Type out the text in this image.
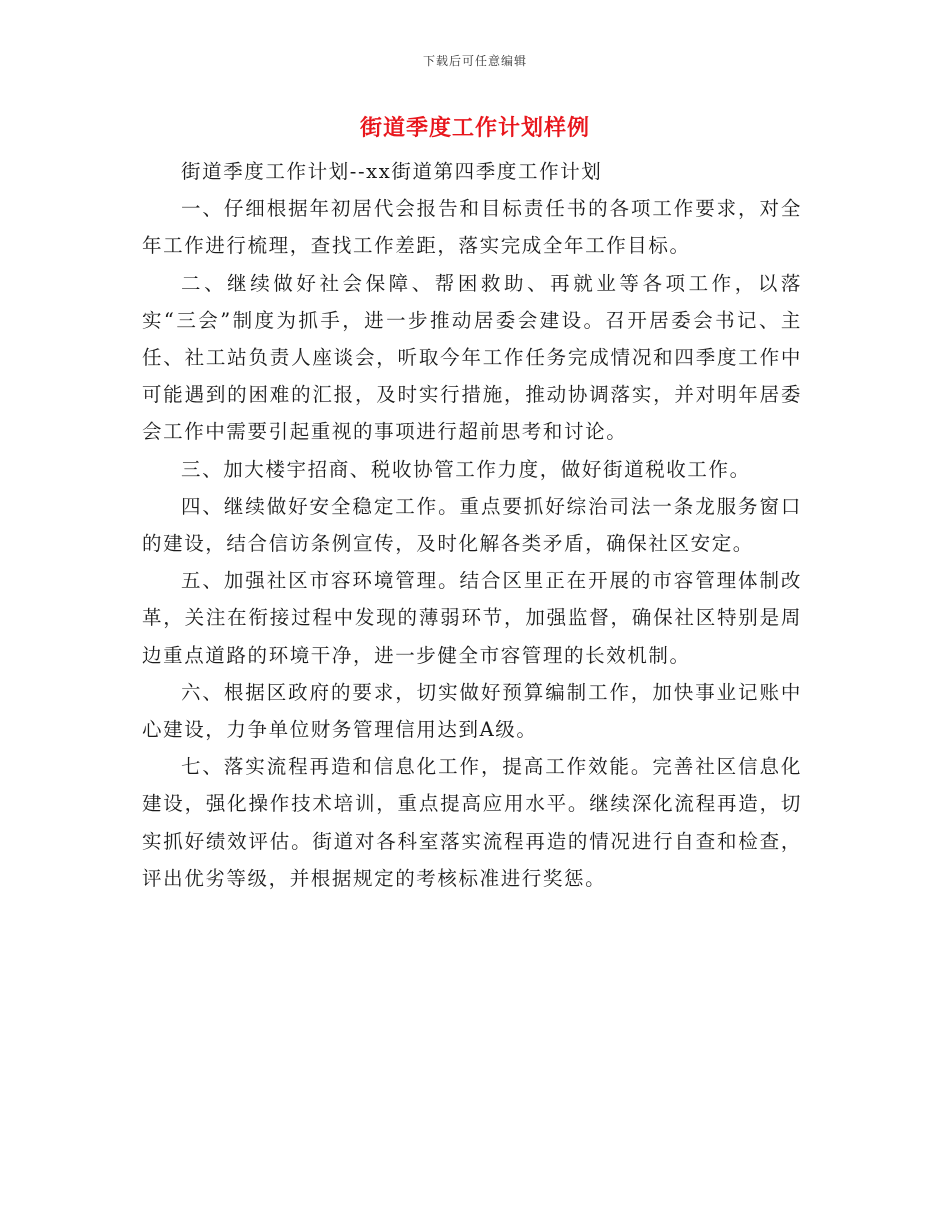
下载后可任意编辑
街道季度工作计划样例

街道季度工作计划--xx街道第四季度工作计划

一、仔细根据年初居代会报告和目标责任书的各项工作要求，对全年工作进行梳理，查找工作差距，落实完成全年工作目标。

二、继续做好社会保障、帮困救助、再就业等各项工作，以落实“三会”制度为抓手，进一步推动居委会建设。召开居委会书记、主任、社工站负责人座谈会，听取今年工作任务完成情况和四季度工作中可能遇到的困难的汇报，及时实行措施，推动协调落实，并对明年居委会工作中需要引起重视的事项进行超前思考和讨论。

三、加大楼宇招商、税收协管工作力度，做好街道税收工作。

四、继续做好安全稳定工作。重点要抓好综治司法一条龙服务窗口的建设，结合信访条例宣传，及时化解各类矛盾，确保社区安定。

五、加强社区市容环境管理。结合区里正在开展的市容管理体制改革，关注在衔接过程中发现的薄弱环节，加强监督，确保社区特别是周边重点道路的环境干净，进一步健全市容管理的长效机制。

六、根据区政府的要求，切实做好预算编制工作，加快事业记账中心建设，力争单位财务管理信用达到A级。

七、落实流程再造和信息化工作，提高工作效能。完善社区信息化建设，强化操作技术培训，重点提高应用水平。继续深化流程再造，切实抓好绩效评估。街道对各科室落实流程再造的情况进行自查和检查，评出优劣等级，并根据规定的考核标准进行奖惩。
